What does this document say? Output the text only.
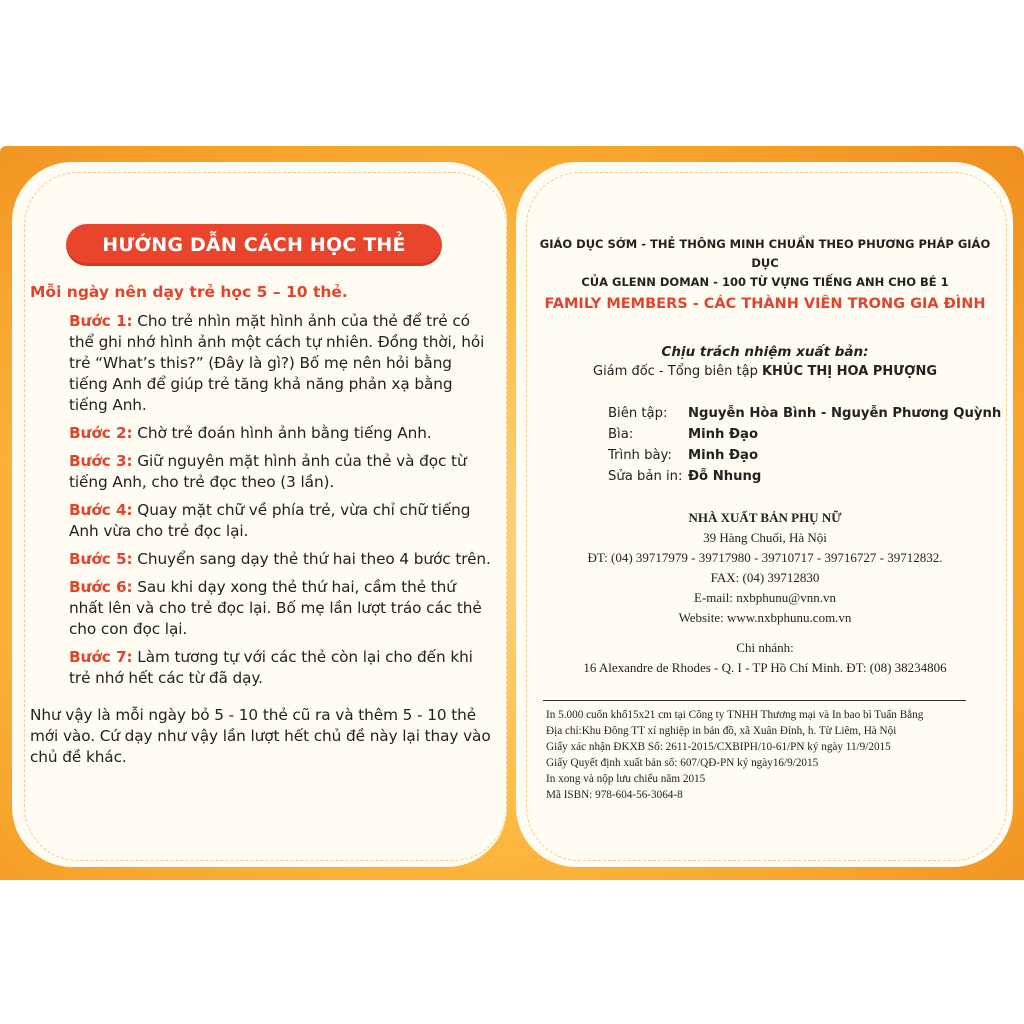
HƯỚNG DẪN CÁCH HỌC THẺ
Mỗi ngày nên dạy trẻ học 5 – 10 thẻ.
Bước 1: Cho trẻ nhìn mặt hình ảnh của thẻ để trẻ có thể ghi nhớ hình ảnh một cách tự nhiên. Đồng thời, hỏi trẻ “What’s this?” (Đây là gì?) Bố mẹ nên hỏi bằng tiếng Anh để giúp trẻ tăng khả năng phản xạ bằng tiếng Anh.
Bước 2: Chờ trẻ đoán hình ảnh bằng tiếng Anh.
Bước 3: Giữ nguyên mặt hình ảnh của thẻ và đọc từ tiếng Anh, cho trẻ đọc theo (3 lần).
Bước 4: Quay mặt chữ về phía trẻ, vừa chỉ chữ tiếng Anh vừa cho trẻ đọc lại.
Bước 5: Chuyển sang dạy thẻ thứ hai theo 4 bước trên.
Bước 6: Sau khi dạy xong thẻ thứ hai, cầm thẻ thứ nhất lên và cho trẻ đọc lại. Bố mẹ lần lượt tráo các thẻ cho con đọc lại.
Bước 7: Làm tương tự với các thẻ còn lại cho đến khi trẻ nhớ hết các từ đã dạy.
Như vậy là mỗi ngày bỏ 5 - 10 thẻ cũ ra và thêm 5 - 10 thẻ mới vào. Cứ dạy như vậy lần lượt hết chủ đề này lại thay vào chủ đề khác.
GIÁO DỤC SỚM - THẺ THÔNG MINH CHUẨN THEO PHƯƠNG PHÁP GIÁO DỤC
CỦA GLENN DOMAN - 100 TỪ VỰNG TIẾNG ANH CHO BÉ 1
FAMILY MEMBERS - CÁC THÀNH VIÊN TRONG GIA ĐÌNH
Chịu trách nhiệm xuất bản:
Giám đốc - Tổng biên tập KHÚC THỊ HOA PHƯỢNG
Biên tập: Nguyễn Hòa Bình - Nguyễn Phương Quỳnh
Bìa:	Minh Đạo
Trình bày: Minh Đạo
Sửa bản in: Đỗ Nhung
NHÀ XUẤT BẢN PHỤ NỮ
39 Hàng Chuối, Hà Nội
ĐT: (04) 39717979 - 39717980 - 39710717 - 39716727 - 39712832.
FAX: (04) 39712830
E-mail: nxbphunu@vnn.vn
Website: www.nxbphunu.com.vn
Chi nhánh:
16 Alexandre de Rhodes - Q. I - TP Hồ Chí Minh. ĐT: (08) 38234806
In 5.000 cuốn khổ15x21 cm tại Công ty TNHH Thương mại và In bao bì Tuấn Bằng
Địa chỉ:Khu Đông TT xí nghiệp in bản đồ, xã Xuân Đỉnh, h. Từ Liêm, Hà Nội
Giấy xác nhận ĐKXB Số: 2611-2015/CXBIPH/10-61/PN ký ngày 11/9/2015
Giấy Quyết định xuất bản số: 607/QĐ-PN ký ngày16/9/2015
In xong và nộp lưu chiểu năm 2015
Mã ISBN: 978-604-56-3064-8
